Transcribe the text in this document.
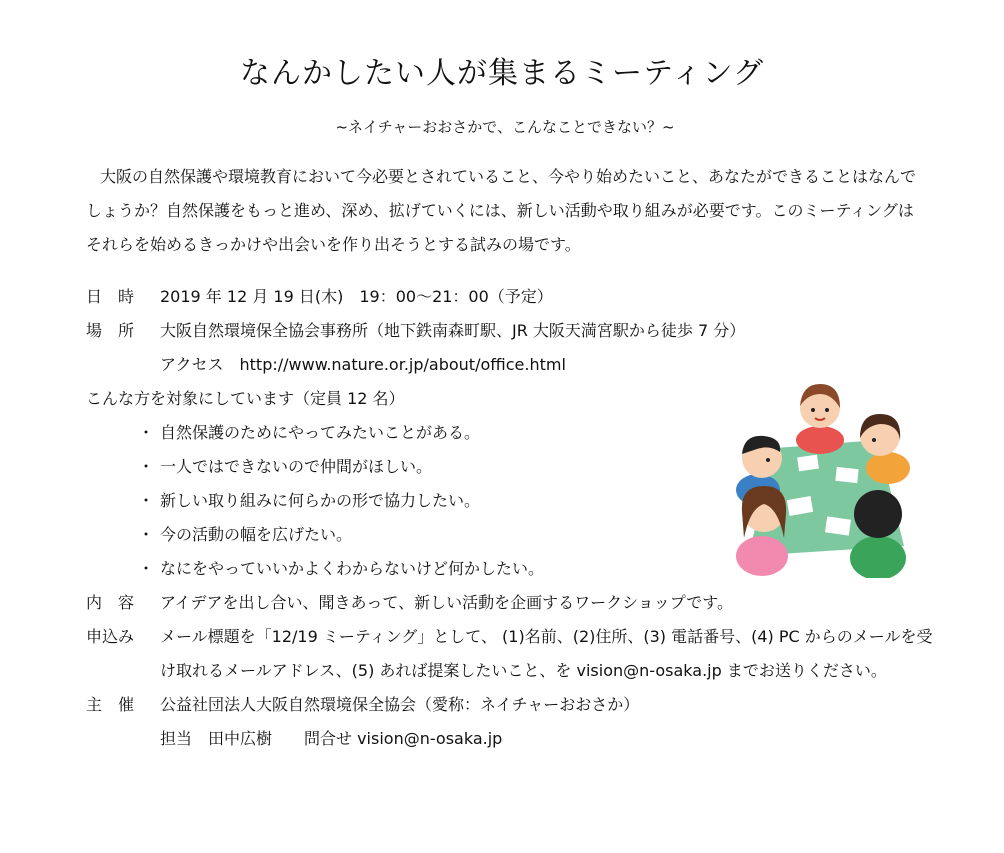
なんかしたい人が集まるミーティング

~ネイチャーおおさかで、こんなことできない？~

大阪の自然保護や環境教育において今必要とされていること、今やり始めたいこと、あなたができることはなんでしょうか？自然保護をもっと進め、深め、拡げていくには、新しい活動や取り組みが必要です。このミーティングはそれらを始めるきっかけや出会いを作り出そうとする試みの場です。

日　時	2019 年 12 月 19 日(木)　19：00～21：00（予定）
場　所	大阪自然環境保全協会事務所（地下鉄南森町駅、JR 大阪天満宮駅から徒歩 7 分）
アクセス　http://www.nature.or.jp/about/office.html
こんな方を対象にしています（定員 12 名）
・ 自然保護のためにやってみたいことがある。
・ 一人ではできないので仲間がほしい。
・ 新しい取り組みに何らかの形で協力したい。
・ 今の活動の幅を広げたい。
・ なにをやっていいかよくわからないけど何かしたい。
内　容	アイデアを出し合い、聞きあって、新しい活動を企画するワークショップです。
申込み	メール標題を「12/19 ミーティング」として、 (1)名前、(2)住所、(3) 電話番号、(4) PC からのメールを受
け取れるメールアドレス、(5) あれば提案したいこと、を vision@n-osaka.jp までお送りください。
主　催	公益社団法人大阪自然環境保全協会（愛称：ネイチャーおおさか）
担当　田中広樹　　問合せ vision@n-osaka.jp
